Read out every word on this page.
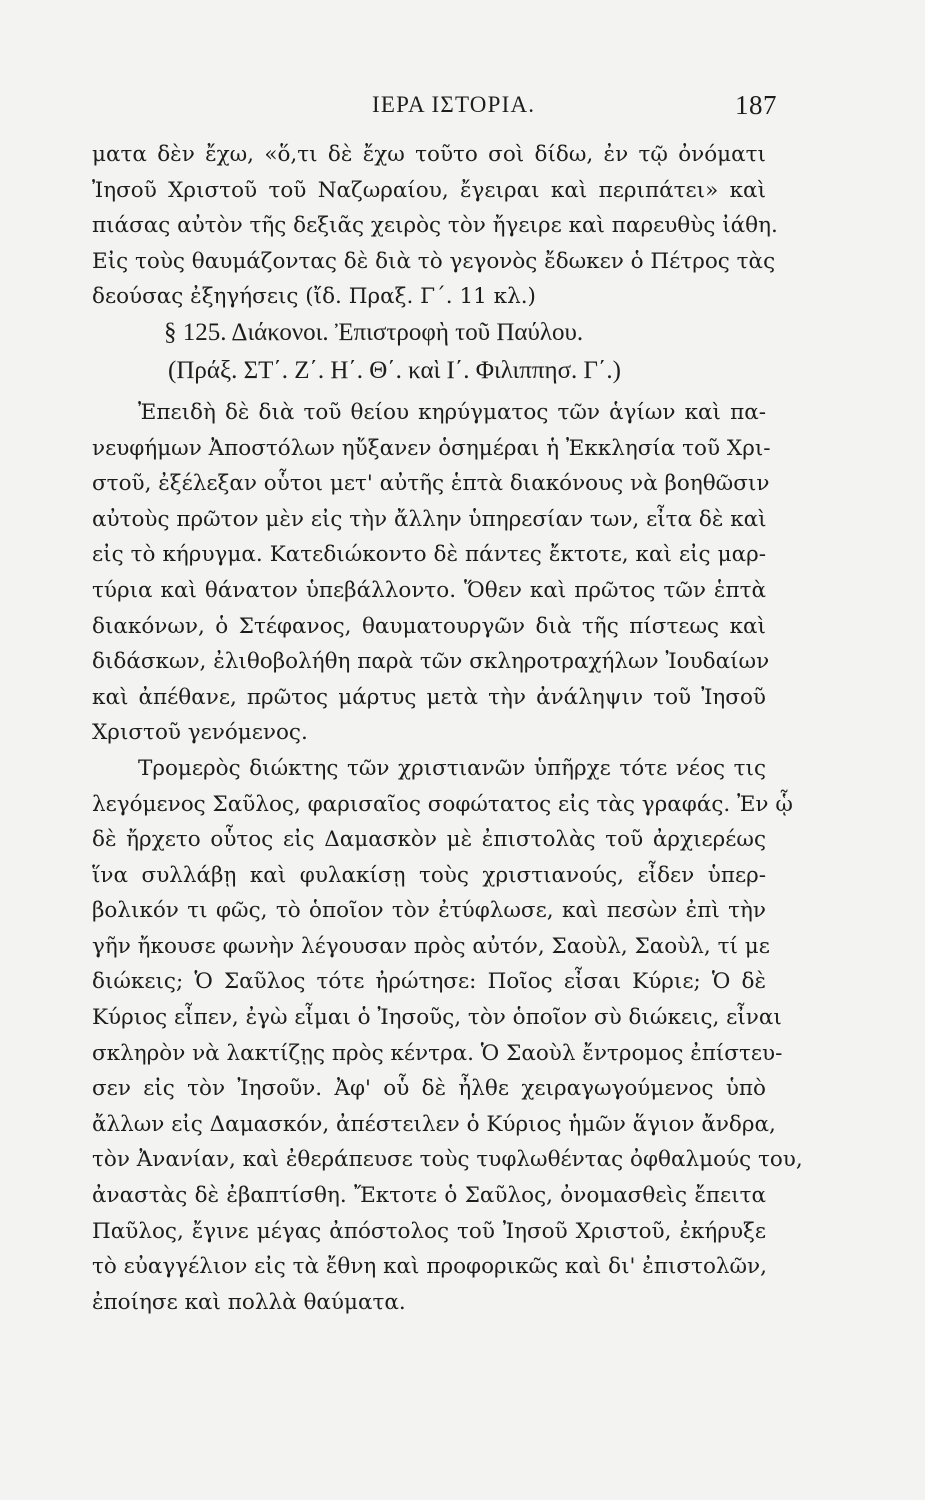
ΙΕΡΑ ΙΣΤΟΡΙΑ.	187
ματα δὲν ἔχω, «ὅ,τι δὲ ἔχω τοῦτο σοὶ δίδω, ἐν τῷ ὀνόματι
Ἰησοῦ Χριστοῦ τοῦ Ναζωραίου, ἔγειραι καὶ περιπάτει» καὶ
πιάσας αὐτὸν τῆς δεξιᾶς χειρὸς τὸν ἤγειρε καὶ παρευθὺς ἰάθη.
Εἰς τοὺς θαυμάζοντας δὲ διὰ τὸ γεγονὸς ἔδωκεν ὁ Πέτρος τὰς
δεούσας ἐξηγήσεις (ἴδ. Πραξ. Γ΄. 11 κλ.)
§ 125. Διάκονοι. Ἐπιστροφὴ τοῦ Παύλου.
(Πράξ. ΣΤ΄. Ζ΄. Η΄. Θ΄. καὶ Ι΄. Φιλιππησ. Γ΄.)
Ἐπειδὴ δὲ διὰ τοῦ θείου κηρύγματος τῶν ἁγίων καὶ πα-
νευφήμων Ἀποστόλων ηὔξανεν ὁσημέραι ἡ Ἐκκλησία τοῦ Χρι-
στοῦ, ἐξέλεξαν οὗτοι μετ' αὐτῆς ἑπτὰ διακόνους νὰ βοηθῶσιν
αὐτοὺς πρῶτον μὲν εἰς τὴν ἄλλην ὑπηρεσίαν των, εἶτα δὲ καὶ
εἰς τὸ κήρυγμα. Κατεδιώκοντο δὲ πάντες ἔκτοτε, καὶ εἰς μαρ-
τύρια καὶ θάνατον ὑπεβάλλοντο. Ὅθεν καὶ πρῶτος τῶν ἑπτὰ
διακόνων, ὁ Στέφανος, θαυματουργῶν διὰ τῆς πίστεως καὶ
διδάσκων, ἐλιθοβολήθη παρὰ τῶν σκληροτραχήλων Ἰουδαίων
καὶ ἀπέθανε, πρῶτος μάρτυς μετὰ τὴν ἀνάληψιν τοῦ Ἰησοῦ
Χριστοῦ γενόμενος.
Τρομερὸς διώκτης τῶν χριστιανῶν ὑπῆρχε τότε νέος τις
λεγόμενος Σαῦλος, φαρισαῖος σοφώτατος εἰς τὰς γραφάς. Ἐν ᾧ
δὲ ἤρχετο οὗτος εἰς Δαμασκὸν μὲ ἐπιστολὰς τοῦ ἀρχιερέως
ἵνα συλλάβῃ καὶ φυλακίσῃ τοὺς χριστιανούς, εἶδεν ὑπερ-
βολικόν τι φῶς, τὸ ὁποῖον τὸν ἐτύφλωσε, καὶ πεσὼν ἐπὶ τὴν
γῆν ἤκουσε φωνὴν λέγουσαν πρὸς αὐτόν, Σαοὺλ, Σαοὺλ, τί με
διώκεις; Ὁ Σαῦλος τότε ἠρώτησε: Ποῖος εἶσαι Κύριε; Ὁ δὲ
Κύριος εἶπεν, ἐγὼ εἶμαι ὁ Ἰησοῦς, τὸν ὁποῖον σὺ διώκεις, εἶναι
σκληρὸν νὰ λακτίζῃς πρὸς κέντρα. Ὁ Σαοὺλ ἔντρομος ἐπίστευ-
σεν εἰς τὸν Ἰησοῦν. Ἀφ' οὗ δὲ ἦλθε χειραγωγούμενος ὑπὸ
ἄλλων εἰς Δαμασκόν, ἀπέστειλεν ὁ Κύριος ἡμῶν ἅγιον ἄνδρα,
τὸν Ἀνανίαν, καὶ ἐθεράπευσε τοὺς τυφλωθέντας ὀφθαλμούς του,
ἀναστὰς δὲ ἐβαπτίσθη. Ἔκτοτε ὁ Σαῦλος, ὀνομασθεὶς ἔπειτα
Παῦλος, ἔγινε μέγας ἀπόστολος τοῦ Ἰησοῦ Χριστοῦ, ἐκήρυξε
τὸ εὐαγγέλιον εἰς τὰ ἔθνη καὶ προφορικῶς καὶ δι' ἐπιστολῶν,
ἐποίησε καὶ πολλὰ θαύματα.
